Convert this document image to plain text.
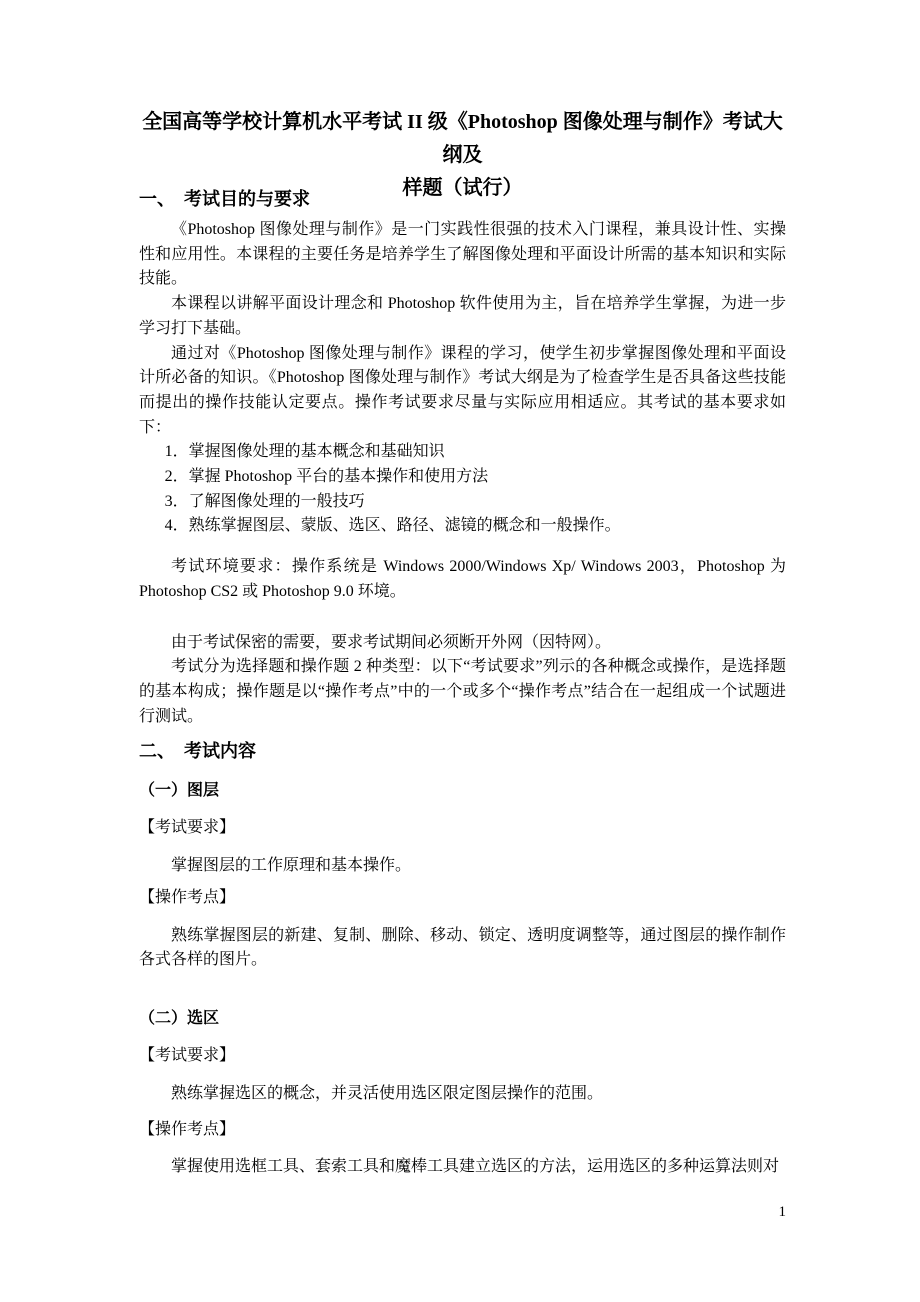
全国高等学校计算机水平考试 II 级《Photoshop 图像处理与制作》考试大纲及
样题（试行）
一、　考试目的与要求

《Photoshop 图像处理与制作》是一门实践性很强的技术入门课程，兼具设计性、实操性和应用性。本课程的主要任务是培养学生了解图像处理和平面设计所需的基本知识和实际技能。

本课程以讲解平面设计理念和 Photoshop 软件使用为主，旨在培养学生掌握，为进一步学习打下基础。

通过对《Photoshop 图像处理与制作》课程的学习，使学生初步掌握图像处理和平面设计所必备的知识。《Photoshop 图像处理与制作》考试大纲是为了检查学生是否具备这些技能而提出的操作技能认定要点。操作考试要求尽量与实际应用相适应。其考试的基本要求如下：

1．掌握图像处理的基本概念和基础知识
2．掌握 Photoshop 平台的基本操作和使用方法
3．了解图像处理的一般技巧
4．熟练掌握图层、蒙版、选区、路径、滤镜的概念和一般操作。

考试环境要求：操作系统是 Windows 2000/Windows Xp/ Windows 2003，Photoshop 为 Photoshop CS2 或 Photoshop 9.0 环境。

由于考试保密的需要，要求考试期间必须断开外网（因特网）。

考试分为选择题和操作题 2 种类型：以下“考试要求”列示的各种概念或操作，是选择题的基本构成；操作题是以“操作考点”中的一个或多个“操作考点”结合在一起组成一个试题进行测试。

二、　考试内容
（一）图层
【考试要求】

掌握图层的工作原理和基本操作。

【操作考点】

熟练掌握图层的新建、复制、删除、移动、锁定、透明度调整等，通过图层的操作制作各式各样的图片。

（二）选区
【考试要求】

熟练掌握选区的概念，并灵活使用选区限定图层操作的范围。

【操作考点】

掌握使用选框工具、套索工具和魔棒工具建立选区的方法，运用选区的多种运算法则对

1
